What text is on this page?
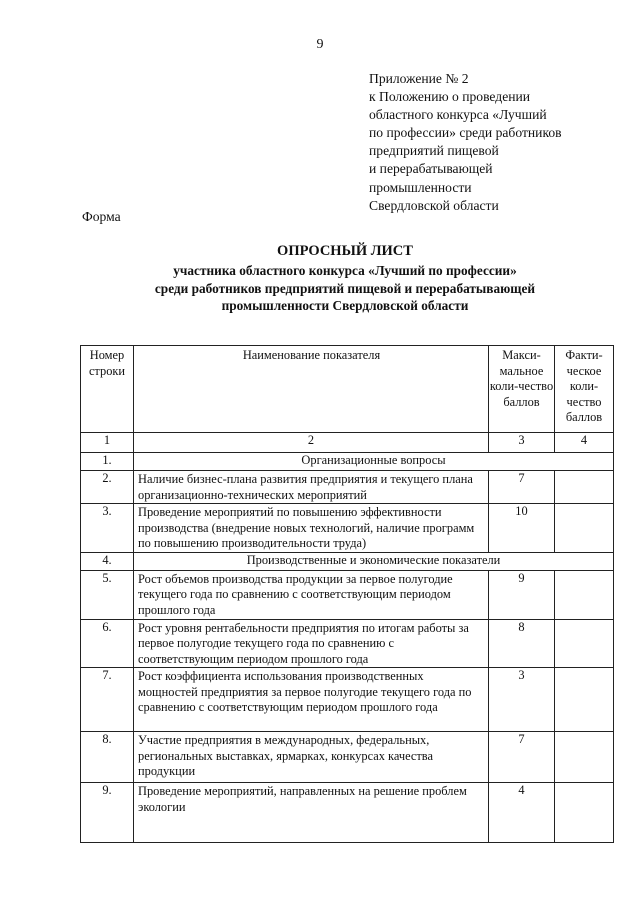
9
Приложение № 2
к Положению о проведении
областного конкурса «Лучший
по профессии» среди работников
предприятий пищевой
и перерабатывающей
промышленности
Свердловской области
Форма
ОПРОСНЫЙ ЛИСТ
участника областного конкурса «Лучший по профессии»
среди работников предприятий пищевой и перерабатывающей
промышленности Свердловской области
Номер строки	Наименование показателя	Макси-мальное коли-чество баллов	Факти-ческое коли-чество баллов
1	2	3	4
1.	Организационные вопросы		
2.	Наличие бизнес-плана развития предприятия и текущего плана организационно-технических мероприятий	7	
3.	Проведение мероприятий по повышению эффективности производства (внедрение новых технологий, наличие программ по повышению производительности труда)	10	
4.	Производственные и экономические показатели		
5.	Рост объемов производства продукции за первое полугодие текущего года по сравнению с соответствующим периодом прошлого года	9	
6.	Рост уровня рентабельности предприятия по итогам работы за первое полугодие текущего года по сравнению с соответствующим периодом прошлого года	8	
7.	Рост коэффициента использования производственных мощностей предприятия за первое полугодие текущего года по сравнению с соответствующим периодом прошлого года	3	
8.	Участие предприятия в международных, федеральных, региональных выставках, ярмарках, конкурсах качества продукции	7	
9.	Проведение мероприятий, направленных на решение проблем экологии	4	
